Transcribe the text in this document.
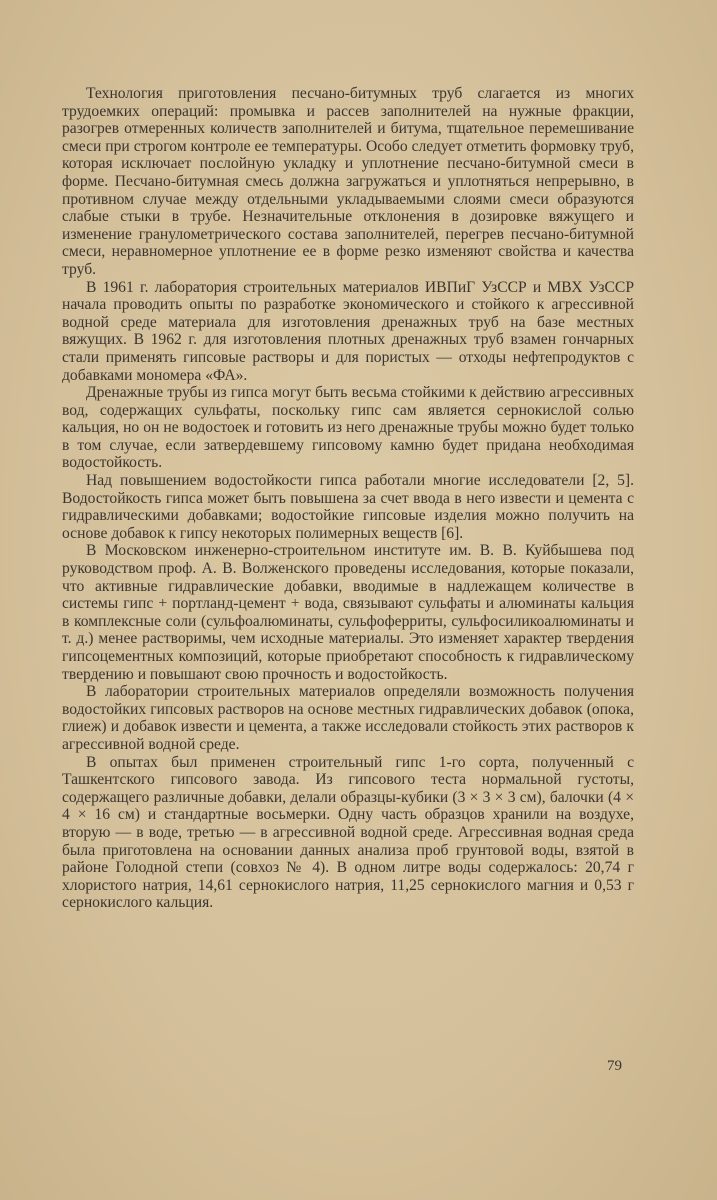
Технология приготовления песчано-битумных труб слагается из многих трудоемких операций: промывка и рассев заполнителей на нужные фракции, разогрев отмеренных количеств заполнителей и битума, тщательное перемешивание смеси при строгом контроле ее температуры. Особо следует отметить формовку труб, которая исключает послойную укладку и уплотнение песчано-битумной смеси в форме. Песчано-битумная смесь должна загружаться и уплотняться непрерывно, в противном случае между отдельными укладываемыми слоями смеси образуются слабые стыки в трубе. Незначительные отклонения в дозировке вяжущего и изменение гранулометрического состава заполнителей, перегрев песчано-битумной смеси, неравномерное уплотнение ее в форме резко изменяют свойства и качества труб.

В 1961 г. лаборатория строительных материалов ИВПиГ УзССР и МВХ УзССР начала проводить опыты по разработке экономического и стойкого к агрессивной водной среде материала для изготовления дренажных труб на базе местных вяжущих. В 1962 г. для изготовления плотных дренажных труб взамен гончарных стали применять гипсовые растворы и для пористых — отходы нефтепродуктов с добавками мономера «ФА».

Дренажные трубы из гипса могут быть весьма стойкими к действию агрессивных вод, содержащих сульфаты, поскольку гипс сам является сернокислой солью кальция, но он не водостоек и готовить из него дренажные трубы можно будет только в том случае, если затвердевшему гипсовому камню будет придана необходимая водостойкость.

Над повышением водостойкости гипса работали многие исследователи [2, 5]. Водостойкость гипса может быть повышена за счет ввода в него извести и цемента с гидравлическими добавками; водостойкие гипсовые изделия можно получить на основе добавок к гипсу некоторых полимерных веществ [6].

В Московском инженерно-строительном институте им. В. В. Куйбышева под руководством проф. А. В. Волженского проведены исследования, которые показали, что активные гидравлические добавки, вводимые в надлежащем количестве в системы гипс + портланд-цемент + вода, связывают сульфаты и алюминаты кальция в комплексные соли (сульфоалюминаты, сульфоферриты, сульфосиликоалюминаты и т. д.) менее растворимы, чем исходные материалы. Это изменяет характер твердения гипсоцементных композиций, которые приобретают способность к гидравлическому твердению и повышают свою прочность и водостойкость.

В лаборатории строительных материалов определяли возможность получения водостойких гипсовых растворов на основе местных гидравлических добавок (опока, глиеж) и добавок извести и цемента, а также исследовали стойкость этих растворов к агрессивной водной среде.

В опытах был применен строительный гипс 1-го сорта, полученный с Ташкентского гипсового завода. Из гипсового теста нормальной густоты, содержащего различные добавки, делали образцы-кубики (3 × 3 × 3 см), балочки (4 × 4 × 16 см) и стандартные восьмерки. Одну часть образцов хранили на воздухе, вторую — в воде, третью — в агрессивной водной среде. Агрессивная водная среда была приготовлена на основании данных анализа проб грунтовой воды, взятой в районе Голодной степи (совхоз № 4). В одном литре воды содержалось: 20,74 г хлористого натрия, 14,61 сернокислого натрия, 11,25 сернокислого магния и 0,53 г сернокислого кальция.

79
